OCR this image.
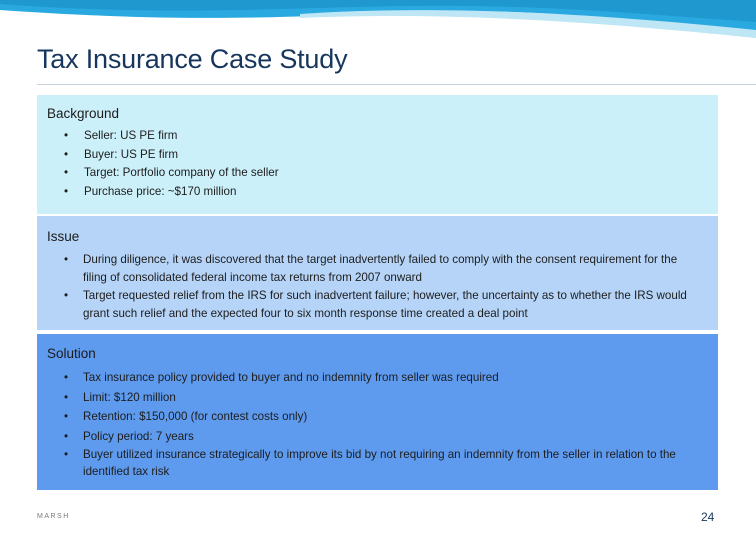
Tax Insurance Case Study
Background
• Seller: US PE firm
• Buyer: US PE firm
• Target: Portfolio company of the seller
• Purchase price: ~$170 million
Issue
• During diligence, it was discovered that the target inadvertently failed to comply with the consent requirement for the filing of consolidated federal income tax returns from 2007 onward
• Target requested relief from the IRS for such inadvertent failure; however, the uncertainty as to whether the IRS would grant such relief and the expected four to six month response time created a deal point
Solution
• Tax insurance policy provided to buyer and no indemnity from seller was required
• Limit: $120 million
• Retention: $150,000 (for contest costs only)
• Policy period: 7 years
• Buyer utilized insurance strategically to improve its bid by not requiring an indemnity from the seller in relation to the identified tax risk
MARSH	24
